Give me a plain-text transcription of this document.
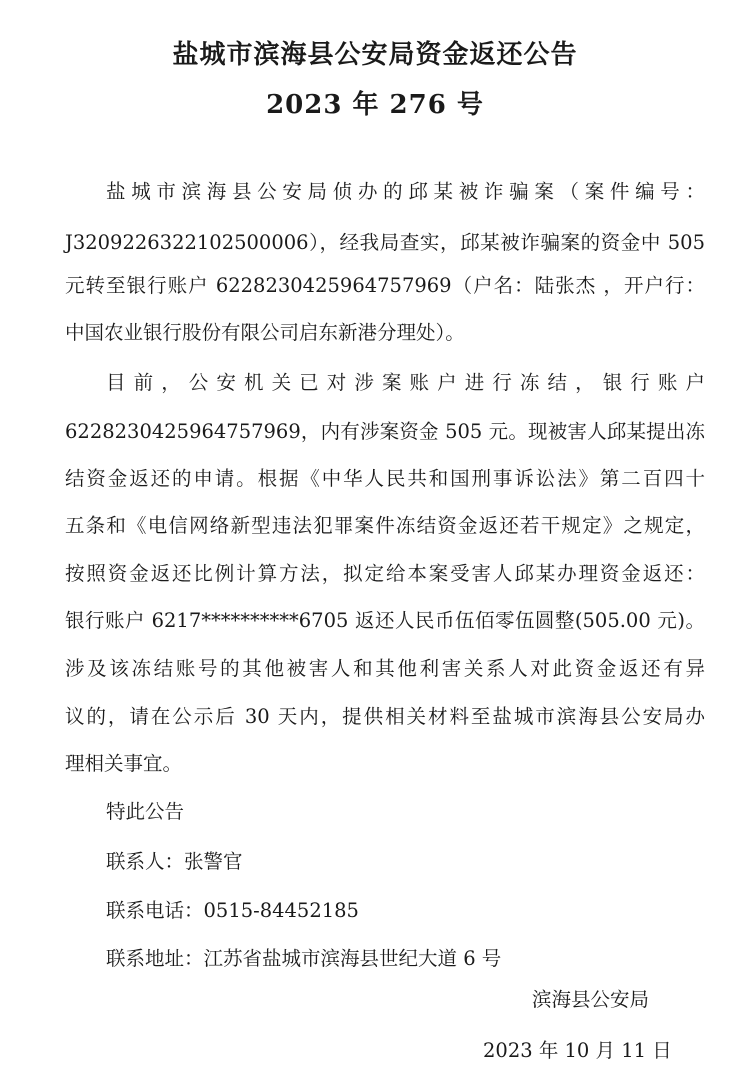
盐城市滨海县公安局资金返还公告
2023 年 276 号
盐城市滨海县公安局侦办的邱某被诈骗案（案件编号：
J3209226322102500006），经我局查实，邱某被诈骗案的资金中 505
元转至银行账户 6228230425964757969（户名：陆张杰 ，开户行：
中国农业银行股份有限公司启东新港分理处）。
目前，公安机关已对涉案账户进行冻结，银行账户
6228230425964757969，内有涉案资金 505 元。现被害人邱某提出冻
结资金返还的申请。根据《中华人民共和国刑事诉讼法》第二百四十
五条和《电信网络新型违法犯罪案件冻结资金返还若干规定》之规定，
按照资金返还比例计算方法，拟定给本案受害人邱某办理资金返还：
银行账户 6217**********6705 返还人民币伍佰零伍圆整(505.00 元)。
涉及该冻结账号的其他被害人和其他利害关系人对此资金返还有异
议的，请在公示后 30 天内，提供相关材料至盐城市滨海县公安局办
理相关事宜。
特此公告
联系人：张警官
联系电话：0515-84452185
联系地址：江苏省盐城市滨海县世纪大道 6 号
滨海县公安局
2023 年 10 月 11 日
